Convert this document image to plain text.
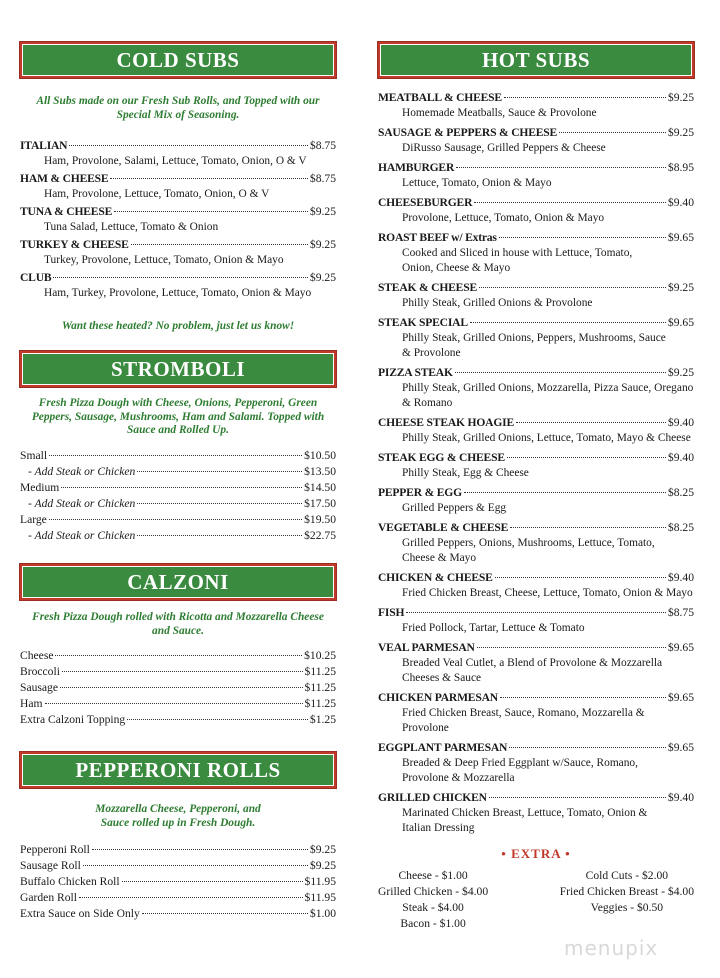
COLD SUBS
All Subs made on our Fresh Sub Rolls, and Topped with our Special Mix of Seasoning.
ITALIAN	$8.75
Ham, Provolone, Salami, Lettuce, Tomato, Onion, O & V
HAM & CHEESE	$8.75
Ham, Provolone, Lettuce, Tomato, Onion, O & V
TUNA & CHEESE	$9.25
Tuna Salad, Lettuce, Tomato & Onion
TURKEY & CHEESE	$9.25
Turkey, Provolone, Lettuce, Tomato, Onion & Mayo
CLUB	$9.25
Ham, Turkey, Provolone, Lettuce, Tomato, Onion & Mayo
Want these heated? No problem, just let us know!
STROMBOLI
Fresh Pizza Dough with Cheese, Onions, Pepperoni, Green Peppers, Sausage, Mushrooms, Ham and Salami. Topped with Sauce and Rolled Up.
Small	$10.50
- Add Steak or Chicken	$13.50
Medium	$14.50
- Add Steak or Chicken	$17.50
Large	$19.50
- Add Steak or Chicken	$22.75
CALZONI
Fresh Pizza Dough rolled with Ricotta and Mozzarella Cheese and Sauce.
Cheese	$10.25
Broccoli	$11.25
Sausage	$11.25
Ham	$11.25
Extra Calzoni Topping	$1.25
PEPPERONI ROLLS
Mozzarella Cheese, Pepperoni, and Sauce rolled up in Fresh Dough.
Pepperoni Roll	$9.25
Sausage Roll	$9.25
Buffalo Chicken Roll	$11.95
Garden Roll	$11.95
Extra Sauce on Side Only	$1.00
HOT SUBS
MEATBALL & CHEESE	$9.25
Homemade Meatballs, Sauce & Provolone
SAUSAGE & PEPPERS & CHEESE	$9.25
DiRusso Sausage, Grilled Peppers & Cheese
HAMBURGER	$8.95
Lettuce, Tomato, Onion & Mayo
CHEESEBURGER	$9.40
Provolone, Lettuce, Tomato, Onion & Mayo
ROAST BEEF w/ Extras	$9.65
Cooked and Sliced in house with Lettuce, Tomato,
Onion, Cheese & Mayo
STEAK & CHEESE	$9.25
Philly Steak, Grilled Onions & Provolone
STEAK SPECIAL	$9.65
Philly Steak, Grilled Onions, Peppers, Mushrooms, Sauce
& Provolone
PIZZA STEAK	$9.25
Philly Steak, Grilled Onions, Mozzarella, Pizza Sauce, Oregano
& Romano
CHEESE STEAK HOAGIE	$9.40
Philly Steak, Grilled Onions, Lettuce, Tomato, Mayo & Cheese
STEAK EGG & CHEESE	$9.40
Philly Steak, Egg & Cheese
PEPPER & EGG	$8.25
Grilled Peppers & Egg
VEGETABLE & CHEESE	$8.25
Grilled Peppers, Onions, Mushrooms, Lettuce, Tomato,
Cheese & Mayo
CHICKEN & CHEESE	$9.40
Fried Chicken Breast, Cheese, Lettuce, Tomato, Onion & Mayo
FISH	$8.75
Fried Pollock, Tartar, Lettuce & Tomato
VEAL PARMESAN	$9.65
Breaded Veal Cutlet, a Blend of Provolone & Mozzarella
Cheeses & Sauce
CHICKEN PARMESAN	$9.65
Fried Chicken Breast, Sauce, Romano, Mozzarella & Provolone
EGGPLANT PARMESAN	$9.65
Breaded & Deep Fried Eggplant w/Sauce, Romano,
Provolone & Mozzarella
GRILLED CHICKEN	$9.40
Marinated Chicken Breast, Lettuce, Tomato, Onion &
Italian Dressing
• EXTRA •
Cheese - $1.00
Grilled Chicken - $4.00
Steak - $4.00
Bacon - $1.00
Cold Cuts - $2.00
Fried Chicken Breast - $4.00
Veggies - $0.50
menupix
